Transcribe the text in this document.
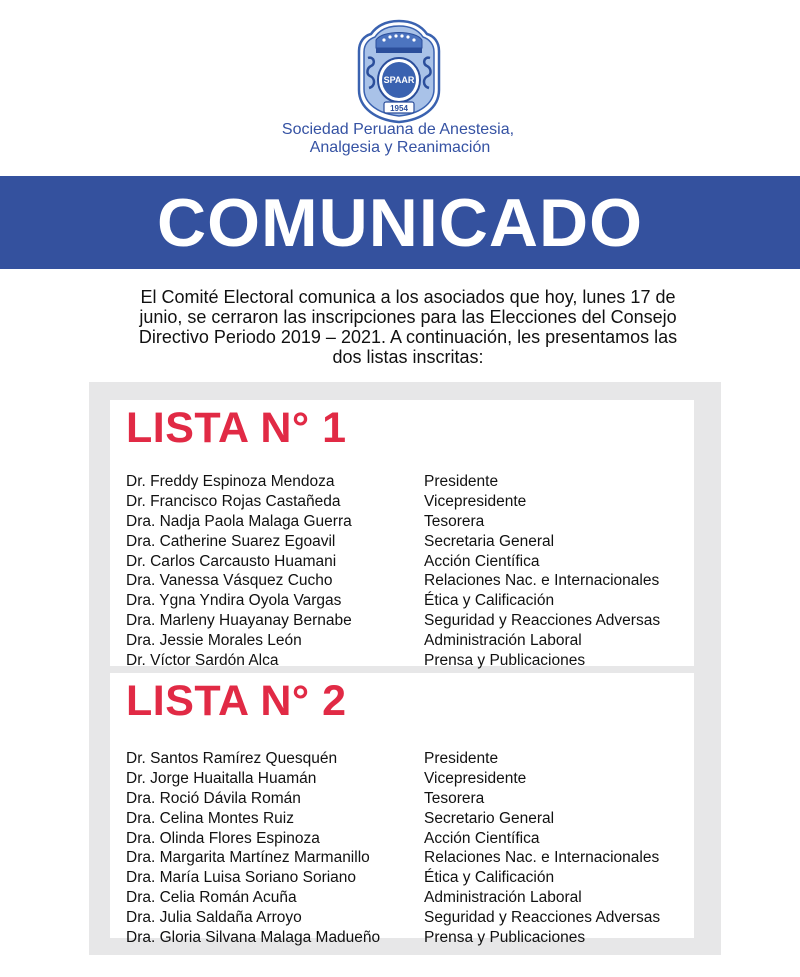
SPAAR
1954
Sociedad Peruana de Anestesia,
Analgesia y Reanimación
COMUNICADO
El Comité Electoral comunica a los asociados que hoy, lunes 17 de
junio, se cerraron las inscripciones para las Elecciones del Consejo
Directivo Periodo 2019 – 2021. A continuación, les presentamos las
dos listas inscritas:
LISTA N° 1
Dr. Freddy Espinoza Mendoza	Presidente
Dr. Francisco Rojas Castañeda	Vicepresidente
Dra. Nadja Paola Malaga Guerra	Tesorera
Dra. Catherine Suarez Egoavil	Secretaria General
Dr. Carlos Carcausto Huamani	Acción Científica
Dra. Vanessa Vásquez Cucho	Relaciones Nac. e Internacionales
Dra. Ygna Yndira Oyola Vargas	Ética y Calificación
Dra. Marleny Huayanay Bernabe	Seguridad y Reacciones Adversas
Dra. Jessie Morales León	Administración Laboral
Dr. Víctor Sardón Alca	Prensa y Publicaciones
LISTA N° 2
Dr. Santos Ramírez Quesquén	Presidente
Dr. Jorge Huaitalla Huamán	Vicepresidente
Dra. Roció Dávila Román	Tesorera
Dra. Celina Montes Ruiz	Secretario General
Dra. Olinda Flores Espinoza	Acción Científica
Dra. Margarita Martínez Marmanillo	Relaciones Nac. e Internacionales
Dra. María Luisa Soriano Soriano	Ética y Calificación
Dra. Celia Román Acuña	Administración Laboral
Dra. Julia Saldaña Arroyo	Seguridad y Reacciones Adversas
Dra. Gloria Silvana Malaga Madueño	Prensa y Publicaciones
